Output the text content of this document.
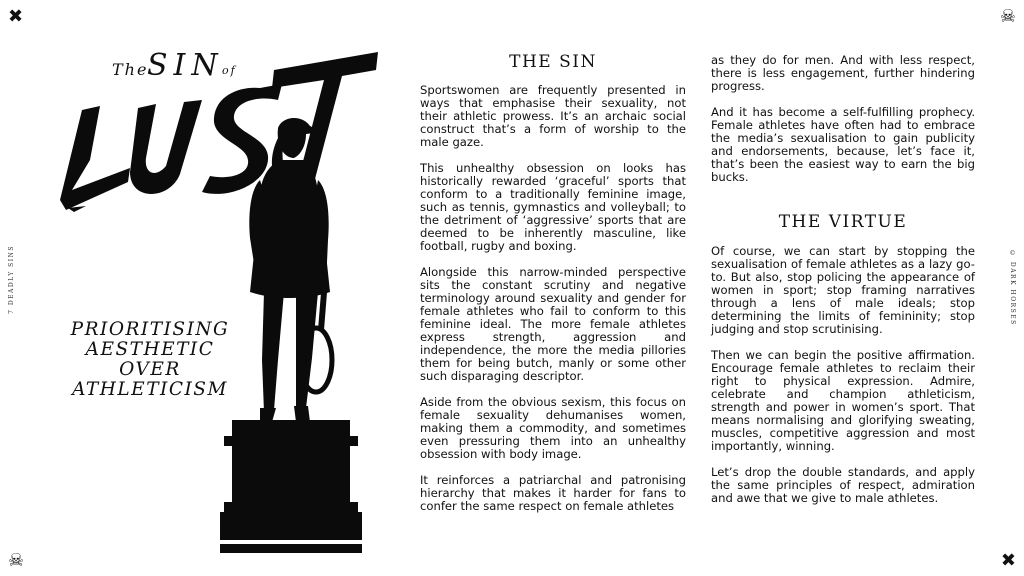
✖	☠
☠	✖
7 DEADLY SINS	© DARK HORSES
The
SIN
of
PRIORITISING
AESTHETIC
OVER
ATHLETICISM
THE SIN

Sportswomen are frequently presented in ways that emphasise their sexuality, not their athletic prowess. It’s an archaic social construct that’s a form of worship to the male gaze.

This unhealthy obsession on looks has historically rewarded ‘graceful’ sports that conform to a traditionally feminine image, such as tennis, gymnastics and volleyball; to the detriment of ‘aggressive’ sports that are deemed to be inherently masculine, like football, rugby and boxing.

Alongside this narrow-minded perspective sits the constant scrutiny and negative terminology around sexuality and gender for female athletes who fail to conform to this feminine ideal. The more female athletes express strength, aggression and independence, the more the media pillories them for being butch, manly or some other such disparaging descriptor.

Aside from the obvious sexism, this focus on female sexuality dehumanises women, making them a commodity, and sometimes even pressuring them into an unhealthy obsession with body image.

It reinforces a patriarchal and patronising hierarchy that makes it harder for fans to confer the same respect on female athletes

as they do for men. And with less respect, there is less engagement, further hindering progress.

And it has become a self-fulfilling prophecy. Female athletes have often had to embrace the media’s sexualisation to gain publicity and endorsements, because, let’s face it, that’s been the easiest way to earn the big bucks.

THE VIRTUE

Of course, we can start by stopping the sexualisation of female athletes as a lazy go-to. But also, stop policing the appearance of women in sport; stop framing narratives through a lens of male ideals; stop determining the limits of femininity; stop judging and stop scrutinising.

Then we can begin the positive affirmation. Encourage female athletes to reclaim their right to physical expression. Admire, celebrate and champion athleticism, strength and power in women’s sport. That means normalising and glorifying sweating, muscles, competitive aggression and most importantly, winning.

Let’s drop the double standards, and apply the same principles of respect, admiration and awe that we give to male athletes.
